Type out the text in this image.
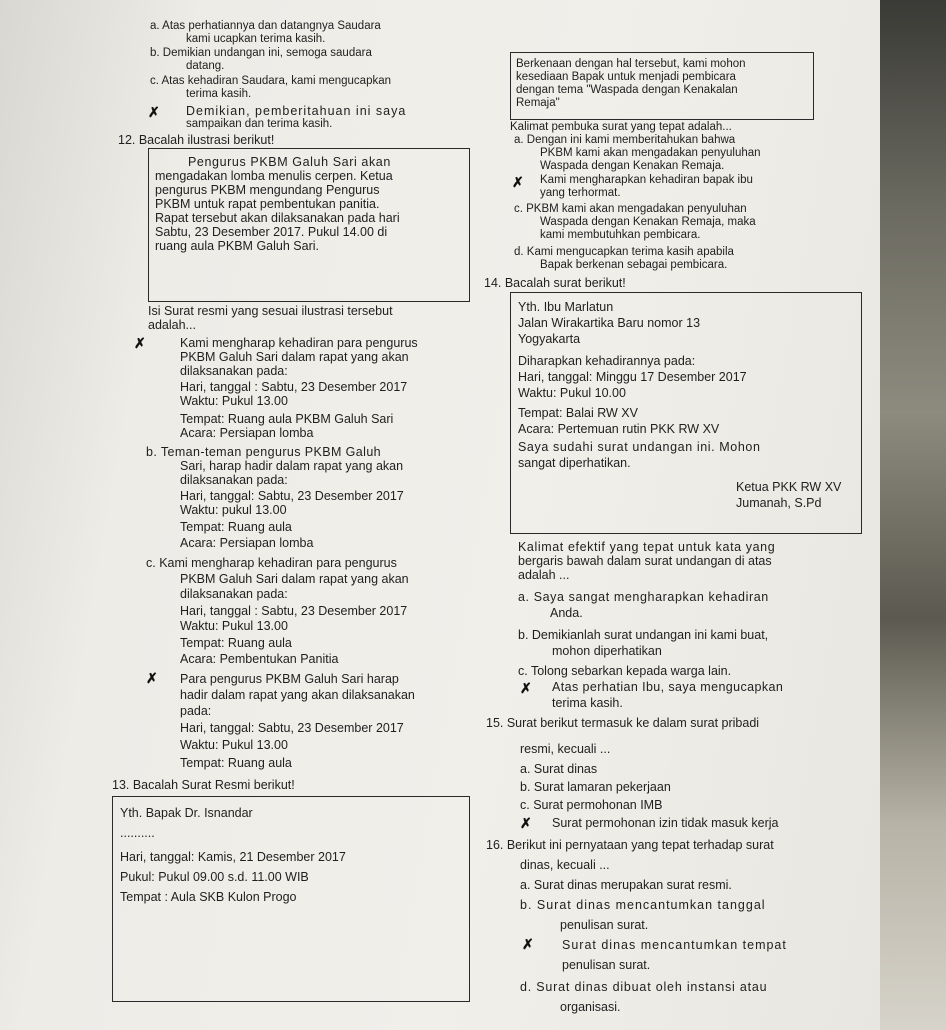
a. Atas perhatiannya dan datangnya Saudara
kami ucapkan terima kasih.
b. Demikian undangan ini, semoga saudara
datang.
c. Atas kehadiran Saudara, kami mengucapkan
terima kasih.
✗ Demikian, pemberitahuan ini saya
sampaikan dan terima kasih.
12. Bacalah ilustrasi berikut!
Pengurus PKBM Galuh Sari akan
mengadakan lomba menulis cerpen. Ketua
pengurus PKBM mengundang Pengurus
PKBM untuk rapat pembentukan panitia.
Rapat tersebut akan dilaksanakan pada hari
Sabtu, 23 Desember 2017. Pukul 14.00 di
ruang aula PKBM Galuh Sari.
Isi Surat resmi yang sesuai ilustrasi tersebut
adalah...
✗	Kami mengharap kehadiran para pengurus
PKBM Galuh Sari dalam rapat yang akan
dilaksanakan pada:
Hari, tanggal : Sabtu, 23 Desember 2017
Waktu: Pukul 13.00
Tempat: Ruang aula PKBM Galuh Sari
Acara: Persiapan lomba
b. Teman-teman pengurus PKBM Galuh
Sari, harap hadir dalam rapat yang akan
dilaksanakan pada:
Hari, tanggal: Sabtu, 23 Desember 2017
Waktu: pukul 13.00
Tempat: Ruang aula
Acara: Persiapan lomba
c. Kami mengharap kehadiran para pengurus
PKBM Galuh Sari dalam rapat yang akan
dilaksanakan pada:
Hari, tanggal : Sabtu, 23 Desember 2017
Waktu: Pukul 13.00
Tempat: Ruang aula
Acara: Pembentukan Panitia
✗ Para pengurus PKBM Galuh Sari harap
hadir dalam rapat yang akan dilaksanakan
pada:
Hari, tanggal: Sabtu, 23 Desember 2017
Waktu: Pukul 13.00
Tempat: Ruang aula
13. Bacalah Surat Resmi berikut!
Yth. Bapak Dr. Isnandar
..........
Hari, tanggal: Kamis, 21 Desember 2017
Pukul: Pukul 09.00 s.d. 11.00 WIB
Tempat : Aula SKB Kulon Progo
Berkenaan dengan hal tersebut, kami mohon
kesediaan Bapak untuk menjadi pembicara
dengan tema "Waspada dengan Kenakalan
Remaja"
Kalimat pembuka surat yang tepat adalah...
a. Dengan ini kami memberitahukan bahwa
PKBM kami akan mengadakan penyuluhan
Waspada dengan Kenakan Remaja.
✗ Kami mengharapkan kehadiran bapak ibu
yang terhormat.
c. PKBM kami akan mengadakan penyuluhan
Waspada dengan Kenakan Remaja, maka
kami membutuhkan pembicara.
d. Kami mengucapkan terima kasih apabila
Bapak berkenan sebagai pembicara.
14. Bacalah surat berikut!
Yth. Ibu Marlatun
Jalan Wirakartika Baru nomor 13
Yogyakarta
Diharapkan kehadirannya pada:
Hari, tanggal: Minggu 17 Desember 2017
Waktu: Pukul 10.00
Tempat: Balai RW XV
Acara: Pertemuan rutin PKK RW XV
Saya sudahi surat undangan ini. Mohon
sangat diperhatikan.
Ketua PKK RW XV
Jumanah, S.Pd
Kalimat efektif yang tepat untuk kata yang
bergaris bawah dalam surat undangan di atas
adalah ...
a. Saya sangat mengharapkan kehadiran
Anda.
b. Demikianlah surat undangan ini kami buat,
mohon diperhatikan
c. Tolong sebarkan kepada warga lain.
✗ Atas perhatian Ibu, saya mengucapkan
terima kasih.
15. Surat berikut termasuk ke dalam surat pribadi
resmi, kecuali ...
a. Surat dinas
b. Surat lamaran pekerjaan
c. Surat permohonan IMB
✗ Surat permohonan izin tidak masuk kerja
16. Berikut ini pernyataan yang tepat terhadap surat
dinas, kecuali ...
a. Surat dinas merupakan surat resmi.
b. Surat dinas mencantumkan tanggal
penulisan surat.
✗ Surat dinas mencantumkan tempat
penulisan surat.
d. Surat dinas dibuat oleh instansi atau
organisasi.
